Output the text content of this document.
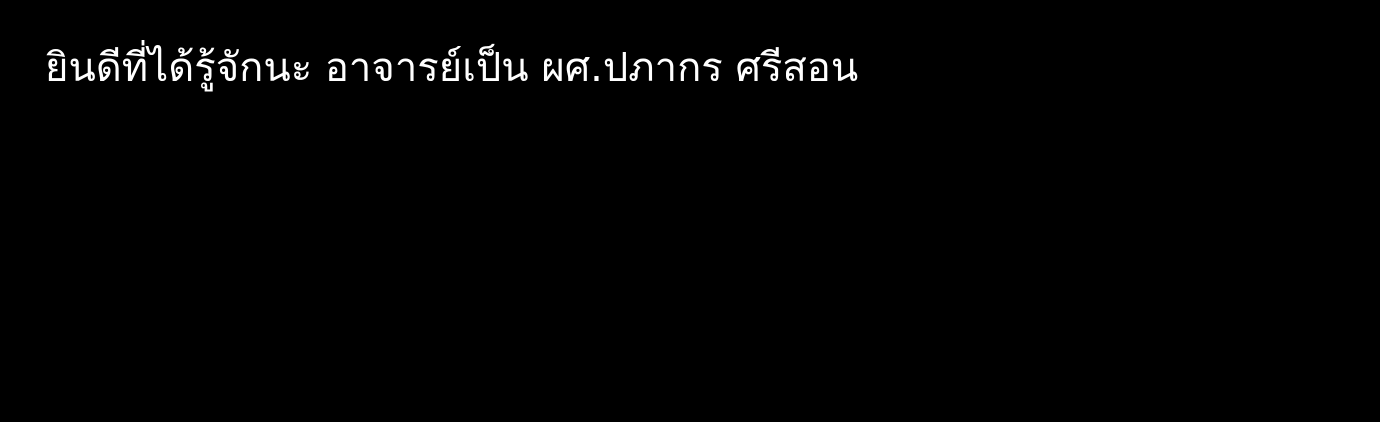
ยินดีที่ได้รู้จักนะ อาจารย์เป็น ผศ.ปภากร ศรีสอน
